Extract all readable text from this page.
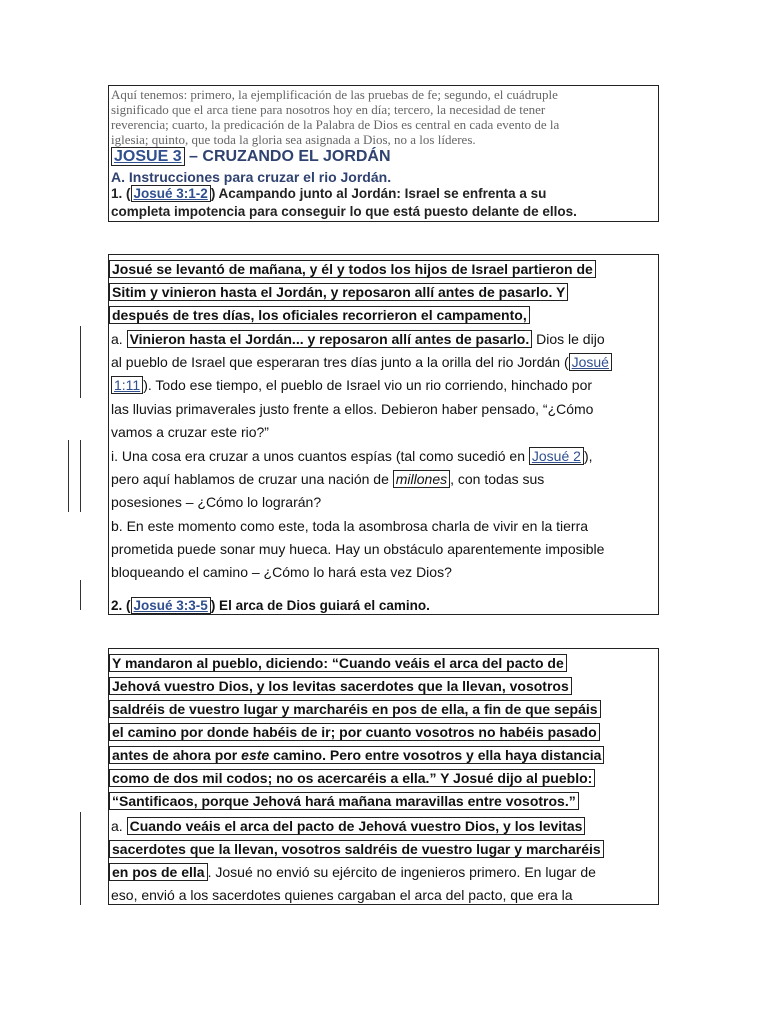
Aquí tenemos: primero, la ejemplificación de las pruebas de fe; segundo, el cuádruple
significado que el arca tiene para nosotros hoy en día; tercero, la necesidad de tener
reverencia; cuarto, la predicación de la Palabra de Dios es central en cada evento de la
iglesia; quinto, que toda la gloria sea asignada a Dios, no a los líderes.
JOSUE 3 – CRUZANDO EL JORDÁN
A. Instrucciones para cruzar el rio Jordán.
1. ( Josué 3:1-2 ) Acampando junto al Jordán: Israel se enfrenta a su
completa impotencia para conseguir lo que está puesto delante de ellos.
Josué se levantó de mañana, y él y todos los hijos de Israel partieron de
Sitim y vinieron hasta el Jordán, y reposaron allí antes de pasarlo. Y
después de tres días, los oficiales recorrieron el campamento,
a. Vinieron hasta el Jordán... y reposaron allí antes de pasarlo. Dios le dijo
al pueblo de Israel que esperaran tres días junto a la orilla del rio Jordán ( Josué
1:11 ). Todo ese tiempo, el pueblo de Israel vio un rio corriendo, hinchado por
las lluvias primaverales justo frente a ellos. Debieron haber pensado, “¿Cómo
vamos a cruzar este rio?”
i. Una cosa era cruzar a unos cuantos espías (tal como sucedió en Josué 2 ),
pero aquí hablamos de cruzar una nación de millones , con todas sus
posesiones – ¿Cómo lo lograrán?
b. En este momento como este, toda la asombrosa charla de vivir en la tierra
prometida puede sonar muy hueca. Hay un obstáculo aparentemente imposible
bloqueando el camino – ¿Cómo lo hará esta vez Dios?
2. ( Josué 3:3-5 ) El arca de Dios guiará el camino.
Y mandaron al pueblo, diciendo: “Cuando veáis el arca del pacto de
Jehová vuestro Dios, y los levitas sacerdotes que la llevan, vosotros
saldréis de vuestro lugar y marcharéis en pos de ella, a fin de que sepáis
el camino por donde habéis de ir; por cuanto vosotros no habéis pasado
antes de ahora por este camino. Pero entre vosotros y ella haya distancia
como de dos mil codos; no os acercaréis a ella.” Y Josué dijo al pueblo:
“Santificaos, porque Jehová hará mañana maravillas entre vosotros.”
a. Cuando veáis el arca del pacto de Jehová vuestro Dios, y los levitas
sacerdotes que la llevan, vosotros saldréis de vuestro lugar y marcharéis
en pos de ella . Josué no envió su ejército de ingenieros primero. En lugar de
eso, envió a los sacerdotes quienes cargaban el arca del pacto, que era la
